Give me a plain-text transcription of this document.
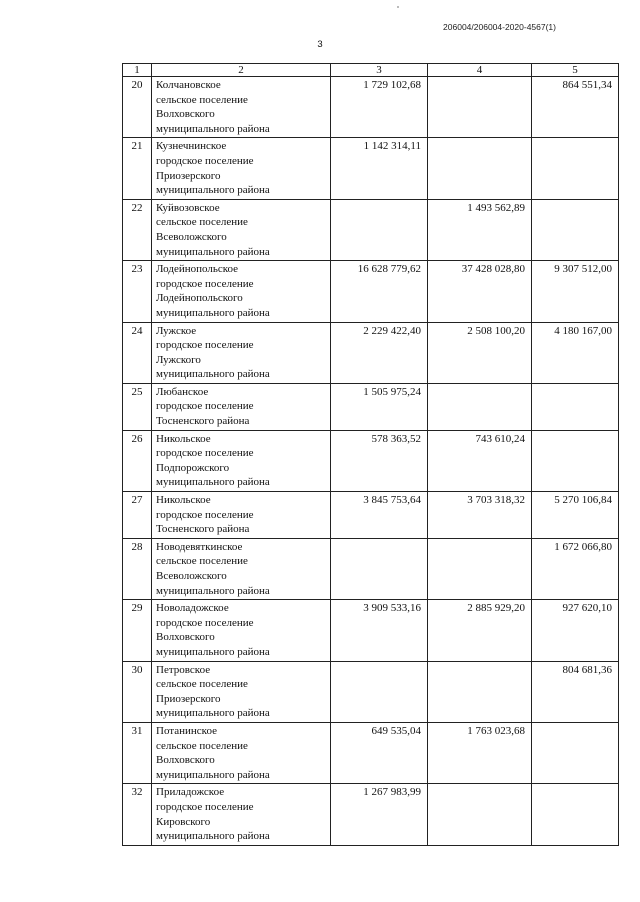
206004/206004-2020-4567(1)
3
1	2	3	4	5
20	Колчановское
сельское поселение
Волховского
муниципального района	1 729 102,68		864 551,34
21	Кузнечнинское
городское поселение
Приозерского
муниципального района	1 142 314,11		
22	Куйвозовское
сельское поселение
Всеволожского
муниципального района		1 493 562,89	
23	Лодейнопольское
городское поселение
Лодейнопольского
муниципального района	16 628 779,62	37 428 028,80	9 307 512,00
24	Лужское
городское поселение
Лужского
муниципального района	2 229 422,40	2 508 100,20	4 180 167,00
25	Любанское
городское поселение
Тосненского района	1 505 975,24		
26	Никольское
городское поселение
Подпорожского
муниципального района	578 363,52	743 610,24	
27	Никольское
городское поселение
Тосненского района	3 845 753,64	3 703 318,32	5 270 106,84
28	Новодевяткинское
сельское поселение
Всеволожского
муниципального района			1 672 066,80
29	Новоладожское
городское поселение
Волховского
муниципального района	3 909 533,16	2 885 929,20	927 620,10
30	Петровское
сельское поселение
Приозерского
муниципального района			804 681,36
31	Потанинское
сельское поселение
Волховского
муниципального района	649 535,04	1 763 023,68	
32	Приладожское
городское поселение
Кировского
муниципального района	1 267 983,99		
